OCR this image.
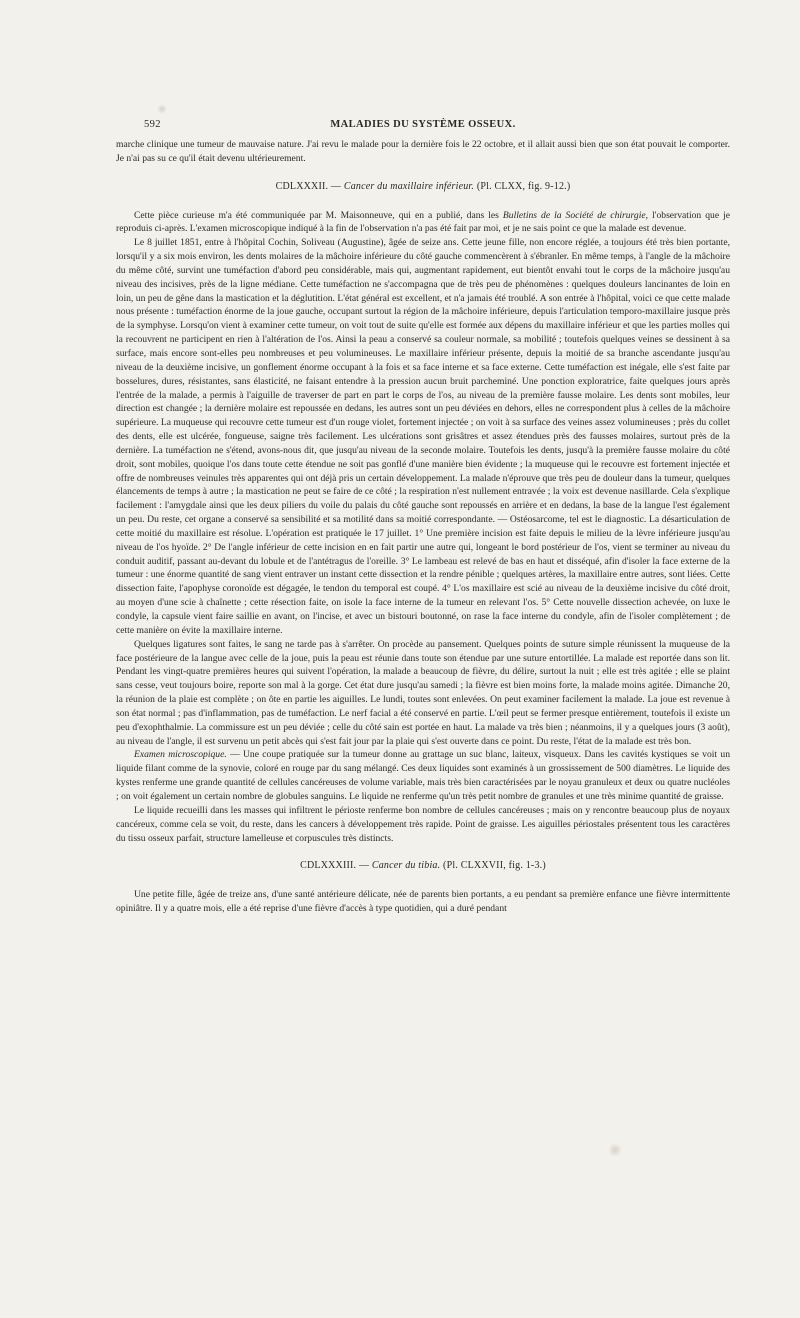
592	MALADIES DU SYSTÈME OSSEUX.

marche clinique une tumeur de mauvaise nature. J'ai revu le malade pour la dernière fois le 22 octobre, et il allait aussi bien que son état pouvait le comporter. Je n'ai pas su ce qu'il était devenu ultérieurement.

CDLXXXII. — Cancer du maxillaire inférieur. (Pl. CLXX, fig. 9-12.)

Cette pièce curieuse m'a été communiquée par M. Maisonneuve, qui en a publié, dans les Bulletins de la Société de chirurgie, l'observation que je reproduis ci-après. L'examen microscopique indiqué à la fin de l'observation n'a pas été fait par moi, et je ne sais point ce que la malade est devenue.

Le 8 juillet 1851, entre à l'hôpital Cochin, Soliveau (Augustine), âgée de seize ans. Cette jeune fille, non encore réglée, a toujours été très bien portante, lorsqu'il y a six mois environ, les dents molaires de la mâchoire inférieure du côté gauche commencèrent à s'ébranler. En même temps, à l'angle de la mâchoire du même côté, survint une tuméfaction d'abord peu considérable, mais qui, augmentant rapidement, eut bientôt envahi tout le corps de la mâchoire jusqu'au niveau des incisives, près de la ligne médiane. Cette tuméfaction ne s'accompagna que de très peu de phénomènes : quelques douleurs lancinantes de loin en loin, un peu de gêne dans la mastication et la déglutition. L'état général est excellent, et n'a jamais été troublé. A son entrée à l'hôpital, voici ce que cette malade nous présente : tuméfaction énorme de la joue gauche, occupant surtout la région de la mâchoire inférieure, depuis l'articulation temporo-maxillaire jusque près de la symphyse. Lorsqu'on vient à examiner cette tumeur, on voit tout de suite qu'elle est formée aux dépens du maxillaire inférieur et que les parties molles qui la recouvrent ne participent en rien à l'altération de l'os. Ainsi la peau a conservé sa couleur normale, sa mobilité ; toutefois quelques veines se dessinent à sa surface, mais encore sont-elles peu nombreuses et peu volumineuses. Le maxillaire inférieur présente, depuis la moitié de sa branche ascendante jusqu'au niveau de la deuxième incisive, un gonflement énorme occupant à la fois et sa face interne et sa face externe. Cette tuméfaction est inégale, elle s'est faite par bosselures, dures, résistantes, sans élasticité, ne faisant entendre à la pression aucun bruit parcheminé. Une ponction exploratrice, faite quelques jours après l'entrée de la malade, a permis à l'aiguille de traverser de part en part le corps de l'os, au niveau de la première fausse molaire. Les dents sont mobiles, leur direction est changée ; la dernière molaire est repoussée en dedans, les autres sont un peu déviées en dehors, elles ne correspondent plus à celles de la mâchoire supérieure. La muqueuse qui recouvre cette tumeur est d'un rouge violet, fortement injectée ; on voit à sa surface des veines assez volumineuses ; près du collet des dents, elle est ulcérée, fongueuse, saigne très facilement. Les ulcérations sont grisâtres et assez étendues près des fausses molaires, surtout près de la dernière. La tuméfaction ne s'étend, avons-nous dit, que jusqu'au niveau de la seconde molaire. Toutefois les dents, jusqu'à la première fausse molaire du côté droit, sont mobiles, quoique l'os dans toute cette étendue ne soit pas gonflé d'une manière bien évidente ; la muqueuse qui le recouvre est fortement injectée et offre de nombreuses veinules très apparentes qui ont déjà pris un certain développement. La malade n'éprouve que très peu de douleur dans la tumeur, quelques élancements de temps à autre ; la mastication ne peut se faire de ce côté ; la respiration n'est nullement entravée ; la voix est devenue nasillarde. Cela s'explique facilement : l'amygdale ainsi que les deux piliers du voile du palais du côté gauche sont repoussés en arrière et en dedans, la base de la langue l'est également un peu. Du reste, cet organe a conservé sa sensibilité et sa motilité dans sa moitié correspondante. — Ostéosarcome, tel est le diagnostic. La désarticulation de cette moitié du maxillaire est résolue. L'opération est pratiquée le 17 juillet. 1° Une première incision est faite depuis le milieu de la lèvre inférieure jusqu'au niveau de l'os hyoïde. 2° De l'angle inférieur de cette incision en en fait partir une autre qui, longeant le bord postérieur de l'os, vient se terminer au niveau du conduit auditif, passant au-devant du lobule et de l'antétragus de l'oreille. 3° Le lambeau est relevé de bas en haut et disséqué, afin d'isoler la face externe de la tumeur : une énorme quantité de sang vient entraver un instant cette dissection et la rendre pénible ; quelques artères, la maxillaire entre autres, sont liées. Cette dissection faite, l'apophyse coronoïde est dégagée, le tendon du temporal est coupé. 4° L'os maxillaire est scié au niveau de la deuxième incisive du côté droit, au moyen d'une scie à chaînette ; cette résection faite, on isole la face interne de la tumeur en relevant l'os. 5° Cette nouvelle dissection achevée, on luxe le condyle, la capsule vient faire saillie en avant, on l'incise, et avec un bistouri boutonné, on rase la face interne du condyle, afin de l'isoler complètement ; de cette manière on évite la maxillaire interne.

Quelques ligatures sont faites, le sang ne tarde pas à s'arrêter. On procède au pansement. Quelques points de suture simple réunissent la muqueuse de la face postérieure de la langue avec celle de la joue, puis la peau est réunie dans toute son étendue par une suture entortillée. La malade est reportée dans son lit. Pendant les vingt-quatre premières heures qui suivent l'opération, la malade a beaucoup de fièvre, du délire, surtout la nuit ; elle est très agitée ; elle se plaint sans cesse, veut toujours boire, reporte son mal à la gorge. Cet état dure jusqu'au samedi ; la fièvre est bien moins forte, la malade moins agitée. Dimanche 20, la réunion de la plaie est complète ; on ôte en partie les aiguilles. Le lundi, toutes sont enlevées. On peut examiner facilement la malade. La joue est revenue à son état normal ; pas d'inflammation, pas de tuméfaction. Le nerf facial a été conservé en partie. L'œil peut se fermer presque entièrement, toutefois il existe un peu d'exophthalmie. La commissure est un peu déviée ; celle du côté sain est portée en haut. La malade va très bien ; néanmoins, il y a quelques jours (3 août), au niveau de l'angle, il est survenu un petit abcès qui s'est fait jour par la plaie qui s'est ouverte dans ce point. Du reste, l'état de la malade est très bon.

Examen microscopique. — Une coupe pratiquée sur la tumeur donne au grattage un suc blanc, laiteux, visqueux. Dans les cavités kystiques se voit un liquide filant comme de la synovie, coloré en rouge par du sang mélangé. Ces deux liquides sont examinés à un grossissement de 500 diamètres. Le liquide des kystes renferme une grande quantité de cellules cancéreuses de volume variable, mais très bien caractérisées par le noyau granuleux et deux ou quatre nucléoles ; on voit également un certain nombre de globules sanguins. Le liquide ne renferme qu'un très petit nombre de granules et une très minime quantité de graisse.

Le liquide recueilli dans les masses qui infiltrent le périoste renferme bon nombre de cellules cancéreuses ; mais on y rencontre beaucoup plus de noyaux cancéreux, comme cela se voit, du reste, dans les cancers à développement très rapide. Point de graisse. Les aiguilles périostales présentent tous les caractères du tissu osseux parfait, structure lamelleuse et corpuscules très distincts.

CDLXXXIII. — Cancer du tibia. (Pl. CLXXVII, fig. 1-3.)

Une petite fille, âgée de treize ans, d'une santé antérieure délicate, née de parents bien portants, a eu pendant sa première enfance une fièvre intermittente opiniâtre. Il y a quatre mois, elle a été reprise d'une fièvre d'accès à type quotidien, qui a duré pendant
